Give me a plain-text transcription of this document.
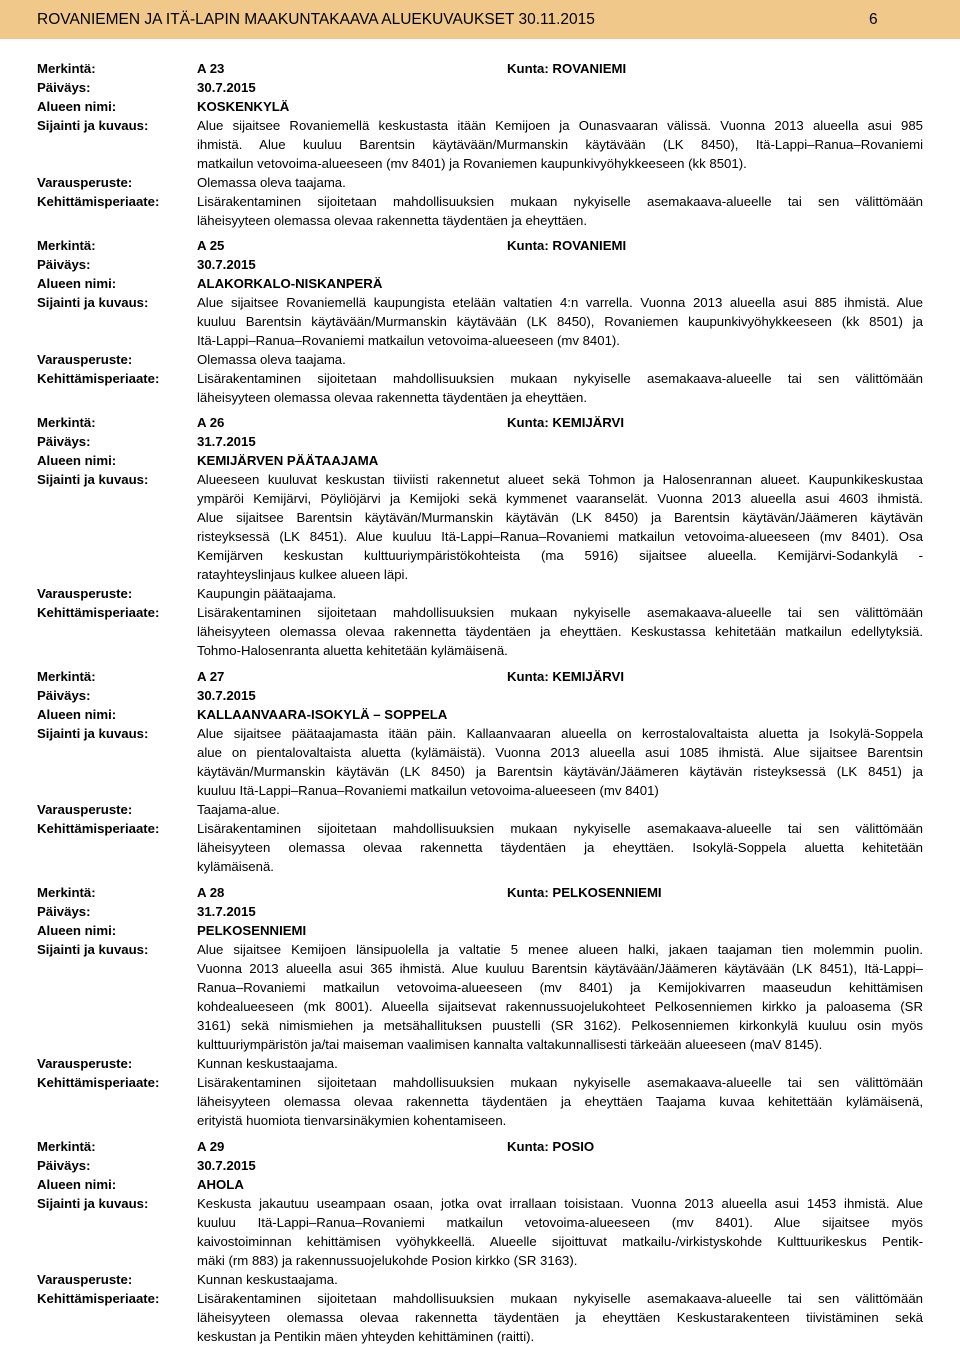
ROVANIEMEN JA ITÄ-LAPIN MAAKUNTAKAAVA ALUEKUVAUKSET 30.11.2015	6
Merkintä:	A 23	Kunta: ROVANIEMI
Päiväys:	30.7.2015
Alueen nimi:	KOSKENKYLÄ
Sijainti ja kuvaus:	Alue sijaitsee Rovaniemellä keskustasta itään Kemijoen ja Ounasvaaran välissä. Vuonna 2013 alueella asui 985
ihmistä. Alue kuuluu Barentsin käytävään/Murmanskin käytävään (LK 8450), Itä-Lappi–Ranua–Rovaniemi
matkailun vetovoima-alueeseen (mv 8401) ja Rovaniemen kaupunkivyöhykkeeseen (kk 8501).
Varausperuste:	Olemassa oleva taajama.
Kehittämisperiaate:	Lisärakentaminen sijoitetaan mahdollisuuksien mukaan nykyiselle asemakaava-alueelle tai sen välittömään
läheisyyteen olemassa olevaa rakennetta täydentäen ja eheyttäen.
Merkintä:	A 25	Kunta: ROVANIEMI
Päiväys:	30.7.2015
Alueen nimi:	ALAKORKALO-NISKANPERÄ
Sijainti ja kuvaus:	Alue sijaitsee Rovaniemellä kaupungista etelään valtatien 4:n varrella. Vuonna 2013 alueella asui 885 ihmistä. Alue
kuuluu Barentsin käytävään/Murmanskin käytävään (LK 8450), Rovaniemen kaupunkivyöhykkeeseen (kk 8501) ja
Itä-Lappi–Ranua–Rovaniemi matkailun vetovoima-alueeseen (mv 8401).
Varausperuste:	Olemassa oleva taajama.
Kehittämisperiaate:	Lisärakentaminen sijoitetaan mahdollisuuksien mukaan nykyiselle asemakaava-alueelle tai sen välittömään
läheisyyteen olemassa olevaa rakennetta täydentäen ja eheyttäen.
Merkintä:	A 26	Kunta: KEMIJÄRVI
Päiväys:	31.7.2015
Alueen nimi:	KEMIJÄRVEN PÄÄTAAJAMA
Sijainti ja kuvaus:	Alueeseen kuuluvat keskustan tiiviisti rakennetut alueet sekä Tohmon ja Halosenrannan alueet. Kaupunkikeskustaa
ympäröi Kemijärvi, Pöyliöjärvi ja Kemijoki sekä kymmenet vaaranselät. Vuonna 2013 alueella asui 4603 ihmistä.
Alue sijaitsee Barentsin käytävän/Murmanskin käytävän (LK 8450) ja Barentsin käytävän/Jäämeren käytävän
risteyksessä (LK 8451). Alue kuuluu Itä-Lappi–Ranua–Rovaniemi matkailun vetovoima-alueeseen (mv 8401). Osa
Kemijärven keskustan kulttuuriympäristökohteista (ma 5916) sijaitsee alueella. Kemijärvi-Sodankylä -
ratayhteyslinjaus kulkee alueen läpi.
Varausperuste:	Kaupungin päätaajama.
Kehittämisperiaate:	Lisärakentaminen sijoitetaan mahdollisuuksien mukaan nykyiselle asemakaava-alueelle tai sen välittömään
läheisyyteen olemassa olevaa rakennetta täydentäen ja eheyttäen. Keskustassa kehitetään matkailun edellytyksiä.
Tohmo-Halosenranta aluetta kehitetään kylämäisenä.
Merkintä:	A 27	Kunta: KEMIJÄRVI
Päiväys:	30.7.2015
Alueen nimi:	KALLAANVAARA-ISOKYLÄ – SOPPELA
Sijainti ja kuvaus:	Alue sijaitsee päätaajamasta itään päin. Kallaanvaaran alueella on kerrostalovaltaista aluetta ja Isokylä-Soppela
alue on pientalovaltaista aluetta (kylämäistä). Vuonna 2013 alueella asui 1085 ihmistä. Alue sijaitsee Barentsin
käytävän/Murmanskin käytävän (LK 8450) ja Barentsin käytävän/Jäämeren käytävän risteyksessä (LK 8451) ja
kuuluu Itä-Lappi–Ranua–Rovaniemi matkailun vetovoima-alueeseen (mv 8401)
Varausperuste:	Taajama-alue.
Kehittämisperiaate:	Lisärakentaminen sijoitetaan mahdollisuuksien mukaan nykyiselle asemakaava-alueelle tai sen välittömään
läheisyyteen olemassa olevaa rakennetta täydentäen ja eheyttäen. Isokylä-Soppela aluetta kehitetään
kylämäisenä.
Merkintä:	A 28	Kunta: PELKOSENNIEMI
Päiväys:	31.7.2015
Alueen nimi:	PELKOSENNIEMI
Sijainti ja kuvaus:	Alue sijaitsee Kemijoen länsipuolella ja valtatie 5 menee alueen halki, jakaen taajaman tien molemmin puolin.
Vuonna 2013 alueella asui 365 ihmistä. Alue kuuluu Barentsin käytävään/Jäämeren käytävään (LK 8451), Itä-Lappi–
Ranua–Rovaniemi matkailun vetovoima-alueeseen (mv 8401) ja Kemijokivarren maaseudun kehittämisen
kohdealueeseen (mk 8001). Alueella sijaitsevat rakennussuojelukohteet Pelkosenniemen kirkko ja paloasema (SR
3161) sekä nimismiehen ja metsähallituksen puustelli (SR 3162). Pelkosenniemen kirkonkylä kuuluu osin myös
kulttuuriympäristön ja/tai maiseman vaalimisen kannalta valtakunnallisesti tärkeään alueeseen (maV 8145).
Varausperuste:	Kunnan keskustaajama.
Kehittämisperiaate:	Lisärakentaminen sijoitetaan mahdollisuuksien mukaan nykyiselle asemakaava-alueelle tai sen välittömään
läheisyyteen olemassa olevaa rakennetta täydentäen ja eheyttäen Taajama kuvaa kehitettään kylämäisenä,
erityistä huomiota tienvarsinäkymien kohentamiseen.
Merkintä:	A 29	Kunta: POSIO
Päiväys:	30.7.2015
Alueen nimi:	AHOLA
Sijainti ja kuvaus:	Keskusta jakautuu useampaan osaan, jotka ovat irrallaan toisistaan. Vuonna 2013 alueella asui 1453 ihmistä. Alue
kuuluu Itä-Lappi–Ranua–Rovaniemi matkailun vetovoima-alueeseen (mv 8401). Alue sijaitsee myös
kaivostoiminnan kehittämisen vyöhykkeellä. Alueelle sijoittuvat matkailu-/virkistyskohde Kulttuurikeskus Pentik-
mäki (rm 883) ja rakennussuojelukohde Posion kirkko (SR 3163).
Varausperuste:	Kunnan keskustaajama.
Kehittämisperiaate:	Lisärakentaminen sijoitetaan mahdollisuuksien mukaan nykyiselle asemakaava-alueelle tai sen välittömään
läheisyyteen olemassa olevaa rakennetta täydentäen ja eheyttäen Keskustarakenteen tiivistäminen sekä
keskustan ja Pentikin mäen yhteyden kehittäminen (raitti).
